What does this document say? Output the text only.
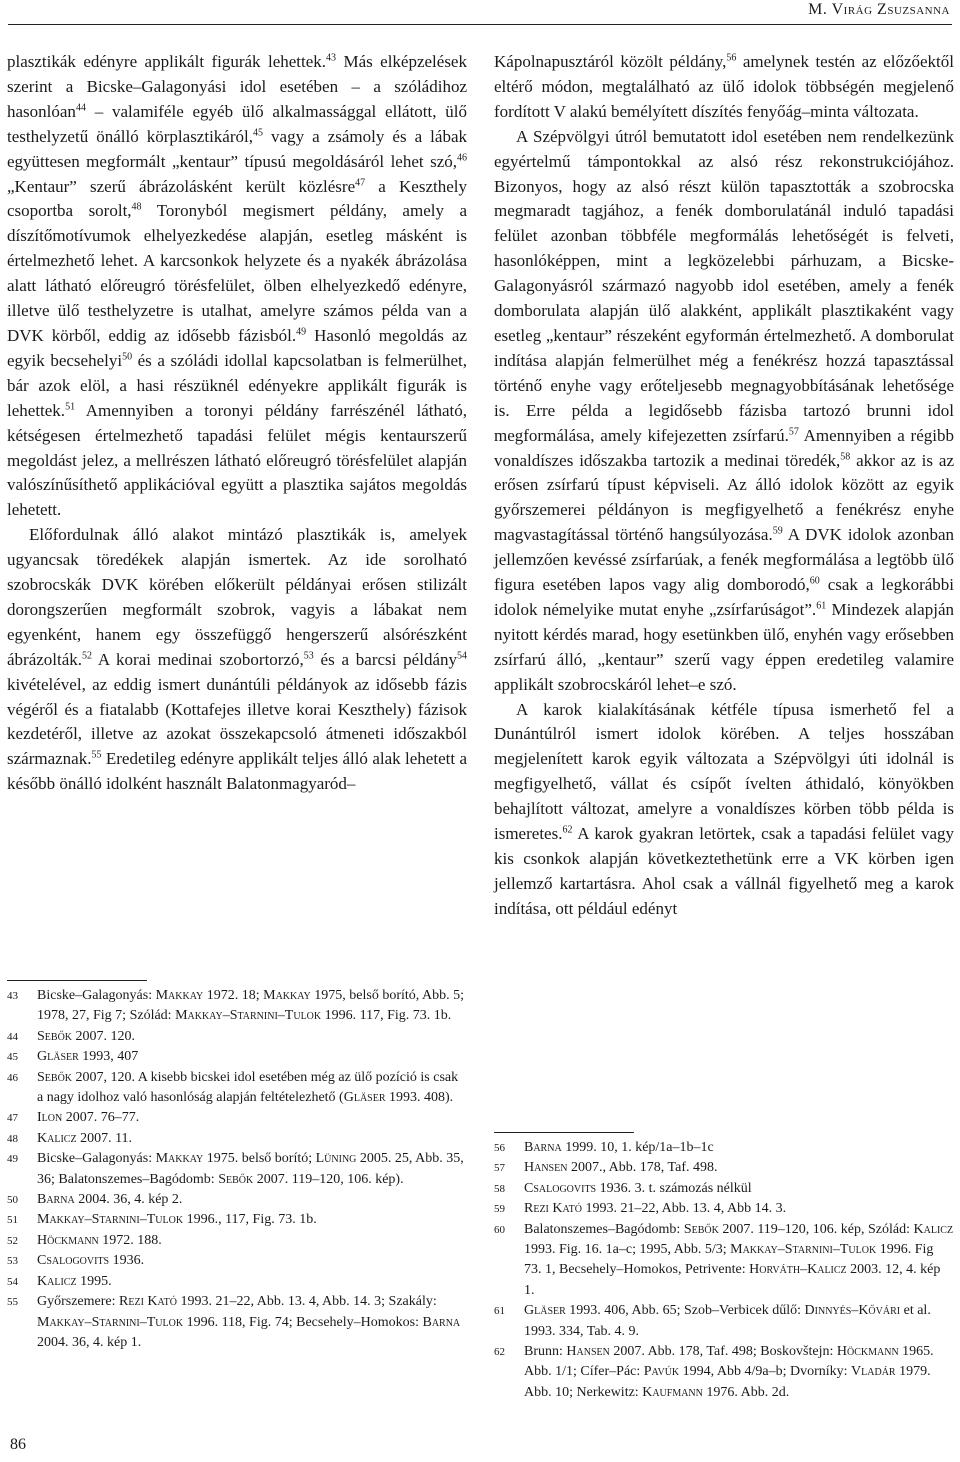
M. Virág Zsuzsanna

plasztikák edényre applikált figurák lehettek.$^{43}$ Más elképzelések szerint a Bicske–Galagonyási idol esetében – a szóládihoz hasonlóan$^{44}$ – valamiféle egyéb ülő alkalmassággal ellátott, ülő testhelyzetű önálló körplasztikáról,$^{45}$ vagy a zsámoly és a lábak együttesen megformált „kentaur” típusú megoldásáról lehet szó,$^{46}$ „Kentaur” szerű ábrázolásként került közlésre$^{47}$ a Keszthely csoportba sorolt,$^{48}$ Toronyból megismert példány, amely a díszítőmotívumok elhelyezkedése alapján, esetleg másként is értelmezhető lehet. A karcsonkok helyzete és a nyakék ábrázolása alatt látható előreugró törésfelület, ölben elhelyezkedő edényre, illetve ülő testhelyzetre is utalhat, amelyre számos példa van a DVK körből, eddig az idősebb fázisból.$^{49}$ Hasonló megoldás az egyik becsehelyi$^{50}$ és a szóládi idollal kapcsolatban is felmerülhet, bár azok elöl, a hasi részüknél edényekre applikált figurák is lehettek.$^{51}$ Amennyiben a toronyi példány farrészénél látható, kétségesen értelmezhető tapadási felület mégis kentaurszerű megoldást jelez, a mellrészen látható előreugró törésfelület alapján valószínűsíthető applikációval együtt a plasztika sajátos megoldás lehetett.

Előfordulnak álló alakot mintázó plasztikák is, amelyek ugyancsak töredékek alapján ismertek. Az ide sorolható szobrocskák DVK körében előkerült példányai erősen stilizált dorongszerűen megformált szobrok, vagyis a lábakat nem egyenként, hanem egy összefüggő hengerszerű alsórészként ábrázolták.$^{52}$ A korai medinai szobortorzó,$^{53}$ és a barcsi példány$^{54}$ kivételével, az eddig ismert dunántúli példányok az idősebb fázis végéről és a fiatalabb (Kottafejes illetve korai Keszthely) fázisok kezdetéről, illetve az azokat összekapcsoló átmeneti időszakból származnak.$^{55}$ Eredetileg edényre applikált teljes álló alak lehetett a később önálló idolként használt Balatonmagyaród–

Kápolnapusztáról közölt példány,$^{56}$ amelynek testén az előzőektől eltérő módon, megtalálható az ülő idolok többségén megjelenő fordított V alakú bemélyített díszítés fenyőág–minta változata.

A Szépvölgyi útról bemutatott idol esetében nem rendelkezünk egyértelmű támpontokkal az alsó rész rekonstrukciójához. Bizonyos, hogy az alsó részt külön tapasztották a szobrocska megmaradt tagjához, a fenék domborulatánál induló tapadási felület azonban többféle megformálás lehetőségét is felveti, hasonlóképpen, mint a legközelebbi párhuzam, a Bicske-Galagonyásról származó nagyobb idol esetében, amely a fenék domborulata alapján ülő alakként, applikált plasztikaként vagy esetleg „kentaur” részeként egyformán értelmezhető. A domborulat indítása alapján felmerülhet még a fenékrész hozzá tapasztással történő enyhe vagy erőteljesebb megnagyobbításának lehetősége is. Erre példa a legidősebb fázisba tartozó brunni idol megformálása, amely kifejezetten zsírfarú.$^{57}$ Amennyiben a régibb vonaldíszes időszakba tartozik a medinai töredék,$^{58}$ akkor az is az erősen zsírfarú típust képviseli. Az álló idolok között az egyik győrszemerei példányon is megfigyelhető a fenékrész enyhe magvastagítással történő hangsúlyozása.$^{59}$ A DVK idolok azonban jellemzően kevéssé zsírfarúak, a fenék megformálása a legtöbb ülő figura esetében lapos vagy alig domborodó,$^{60}$ csak a legkorábbi idolok némelyike mutat enyhe „zsírfarúságot”.$^{61}$ Mindezek alapján nyitott kérdés marad, hogy esetünkben ülő, enyhén vagy erősebben zsírfarú álló, „kentaur” szerű vagy éppen eredetileg valamire applikált szobrocskáról lehet–e szó.

A karok kialakításának kétféle típusa ismerhető fel a Dunántúlról ismert idolok körében. A teljes hosszában megjelenített karok egyik változata a Szépvölgyi úti idolnál is megfigyelhető, vállat és csípőt ívelten áthidaló, könyökben behajlított változat, amelyre a vonaldíszes körben több példa is ismeretes.$^{62}$ A karok gyakran letörtek, csak a tapadási felület vagy kis csonkok alapján következtethetünk erre a VK körben igen jellemző kartartásra. Ahol csak a vállnál figyelhető meg a karok indítása, ott például edényt

43 Bicske–Galagonyás: Makkay 1972. 18; Makkay 1975, belső borító, Abb. 5; 1978, 27, Fig 7; Szólád: Makkay–Starnini–Tulok 1996. 117, Fig. 73. 1b.
44 Sebők 2007. 120.
45 Gläser 1993, 407
46 Sebők 2007, 120. A kisebb bicskei idol esetében még az ülő pozíció is csak a nagy idolhoz való hasonlóság alapján feltételezhető (Gläser 1993. 408).
47 Ilon 2007. 76–77.
48 Kalicz 2007. 11.
49 Bicske–Galagonyás: Makkay 1975. belső borító; Lüning 2005. 25, Abb. 35, 36; Balatonszemes–Bagódomb: Sebők 2007. 119–120, 106. kép).
50 Barna 2004. 36, 4. kép 2.
51 Makkay–Starnini–Tulok 1996., 117, Fig. 73. 1b.
52 Höckmann 1972. 188.
53 Csalogovits 1936.
54 Kalicz 1995.
55 Győrszemere: Rezi Kató 1993. 21–22, Abb. 13. 4, Abb. 14. 3; Szakály: Makkay–Starnini–Tulok 1996. 118, Fig. 74; Becsehely–Homokos: Barna 2004. 36, 4. kép 1.
56 Barna 1999. 10, 1. kép/1a–1b–1c
57 Hansen 2007., Abb. 178, Taf. 498.
58 Csalogovits 1936. 3. t. számozás nélkül
59 Rezi Kató 1993. 21–22, Abb. 13. 4, Abb 14. 3.
60 Balatonszemes–Bagódomb: Sebők 2007. 119–120, 106. kép, Szólád: Kalicz 1993. Fig. 16. 1a–c; 1995, Abb. 5/3; Makkay–Starnini–Tulok 1996. Fig 73. 1, Becsehely–Homokos, Petrivente: Horváth–Kalicz 2003. 12, 4. kép 1.
61 Gläser 1993. 406, Abb. 65; Szob–Verbicek dűlő: Dinnyés–Kővári et al. 1993. 334, Tab. 4. 9.
62 Brunn: Hansen 2007. Abb. 178, Taf. 498; Boskovštejn: Höckmann 1965. Abb. 1/1; Cífer–Pác: Pavúk 1994, Abb 4/9a–b; Dvorníky: Vladár 1979. Abb. 10; Nerkewitz: Kaufmann 1976. Abb. 2d.
86
